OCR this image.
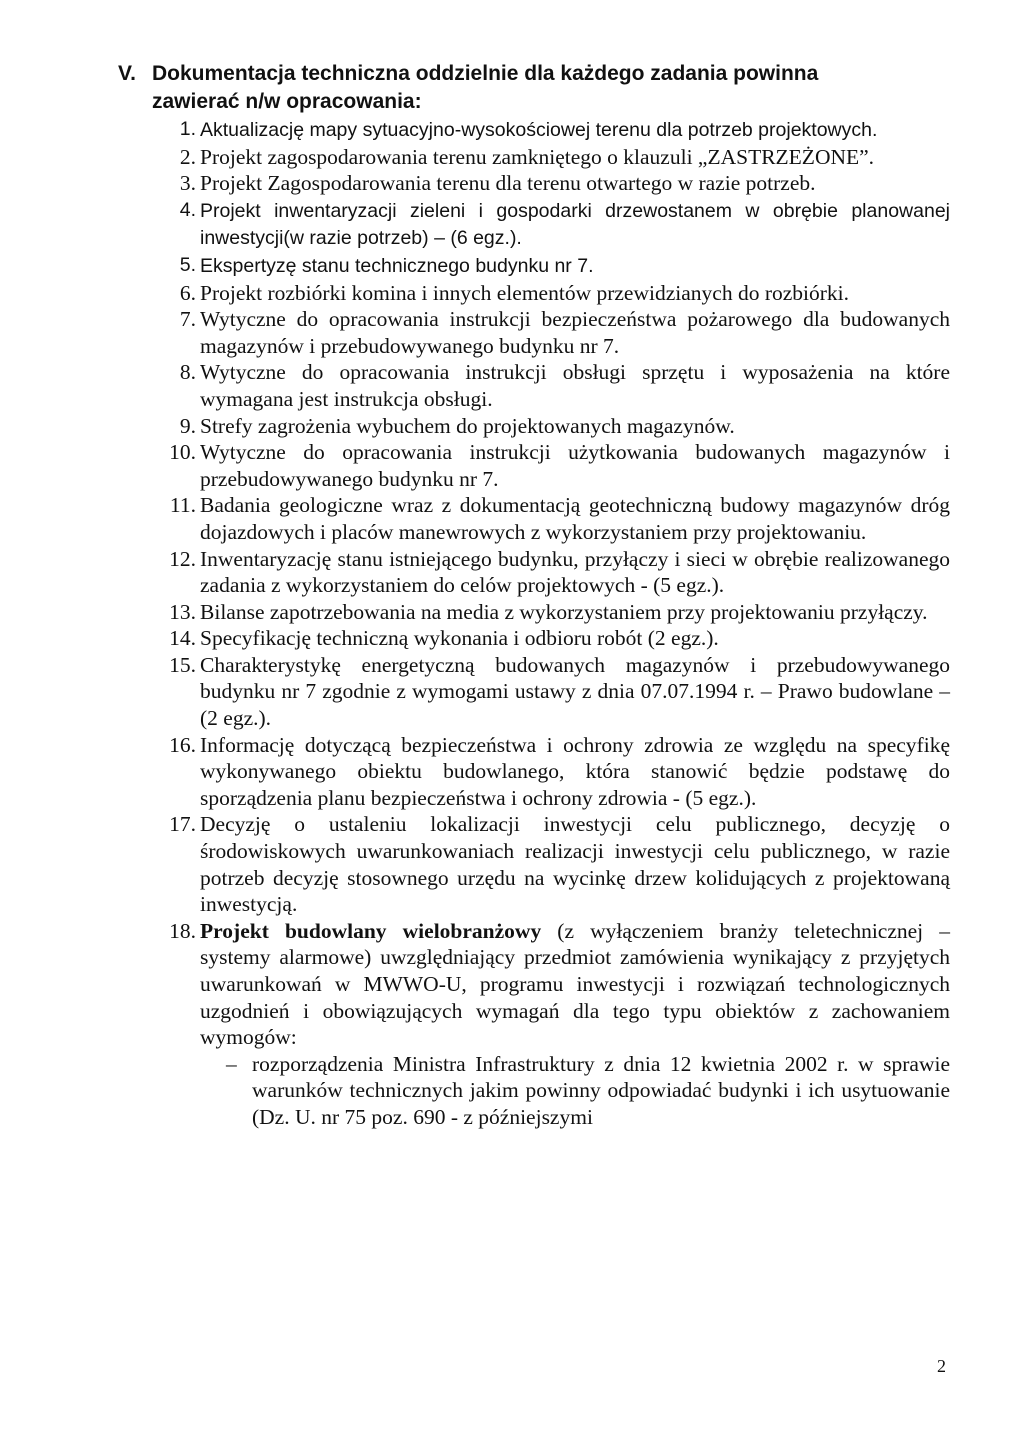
V. Dokumentacja techniczna oddzielnie dla każdego zadania powinna
zawierać n/w opracowania:
1. Aktualizację mapy sytuacyjno-wysokościowej terenu dla potrzeb projektowych.
2. Projekt zagospodarowania terenu zamkniętego o klauzuli „ZASTRZEŻONE”.
3. Projekt Zagospodarowania terenu dla terenu otwartego w razie potrzeb.
4. Projekt inwentaryzacji zieleni i gospodarki drzewostanem w obrębie planowanej inwestycji(w razie potrzeb) – (6 egz.).
5. Ekspertyzę stanu technicznego budynku nr 7.
6. Projekt rozbiórki komina i innych elementów przewidzianych do rozbiórki.
7. Wytyczne do opracowania instrukcji bezpieczeństwa pożarowego dla budowanych magazynów i przebudowywanego budynku nr 7.
8. Wytyczne do opracowania instrukcji obsługi sprzętu i wyposażenia na które wymagana jest instrukcja obsługi.
9. Strefy zagrożenia wybuchem do projektowanych magazynów.
10. Wytyczne do opracowania instrukcji użytkowania budowanych magazynów i przebudowywanego budynku nr 7.
11. Badania geologiczne wraz z dokumentacją geotechniczną budowy magazynów dróg dojazdowych i placów manewrowych z wykorzystaniem przy projektowaniu.
12. Inwentaryzację stanu istniejącego budynku, przyłączy i sieci w obrębie realizowanego zadania z wykorzystaniem do celów projektowych - (5 egz.).
13. Bilanse zapotrzebowania na media z wykorzystaniem przy projektowaniu przyłączy.
14. Specyfikację techniczną wykonania i odbioru robót (2 egz.).
15. Charakterystykę energetyczną budowanych magazynów i przebudowywanego budynku nr 7 zgodnie z wymogami ustawy z dnia 07.07.1994 r. – Prawo budowlane – (2 egz.).
16. Informację dotyczącą bezpieczeństwa i ochrony zdrowia ze względu na specyfikę wykonywanego obiektu budowlanego, która stanowić będzie podstawę do sporządzenia planu bezpieczeństwa i ochrony zdrowia - (5 egz.).
17. Decyzję o ustaleniu lokalizacji inwestycji celu publicznego, decyzję o środowiskowych uwarunkowaniach realizacji inwestycji celu publicznego, w razie potrzeb decyzję stosownego urzędu na wycinkę drzew kolidujących z projektowaną inwestycją.
18. Projekt budowlany wielobranżowy (z wyłączeniem branży teletechnicznej – systemy alarmowe) uwzględniający przedmiot zamówienia wynikający z przyjętych uwarunkowań w MWWO-U, programu inwestycji i rozwiązań technologicznych uzgodnień i obowiązujących wymagań dla tego typu obiektów z zachowaniem wymogów:
– rozporządzenia Ministra Infrastruktury z dnia 12 kwietnia 2002 r. w sprawie warunków technicznych jakim powinny odpowiadać budynki i ich usytuowanie (Dz. U. nr 75 poz. 690 - z późniejszymi
2
